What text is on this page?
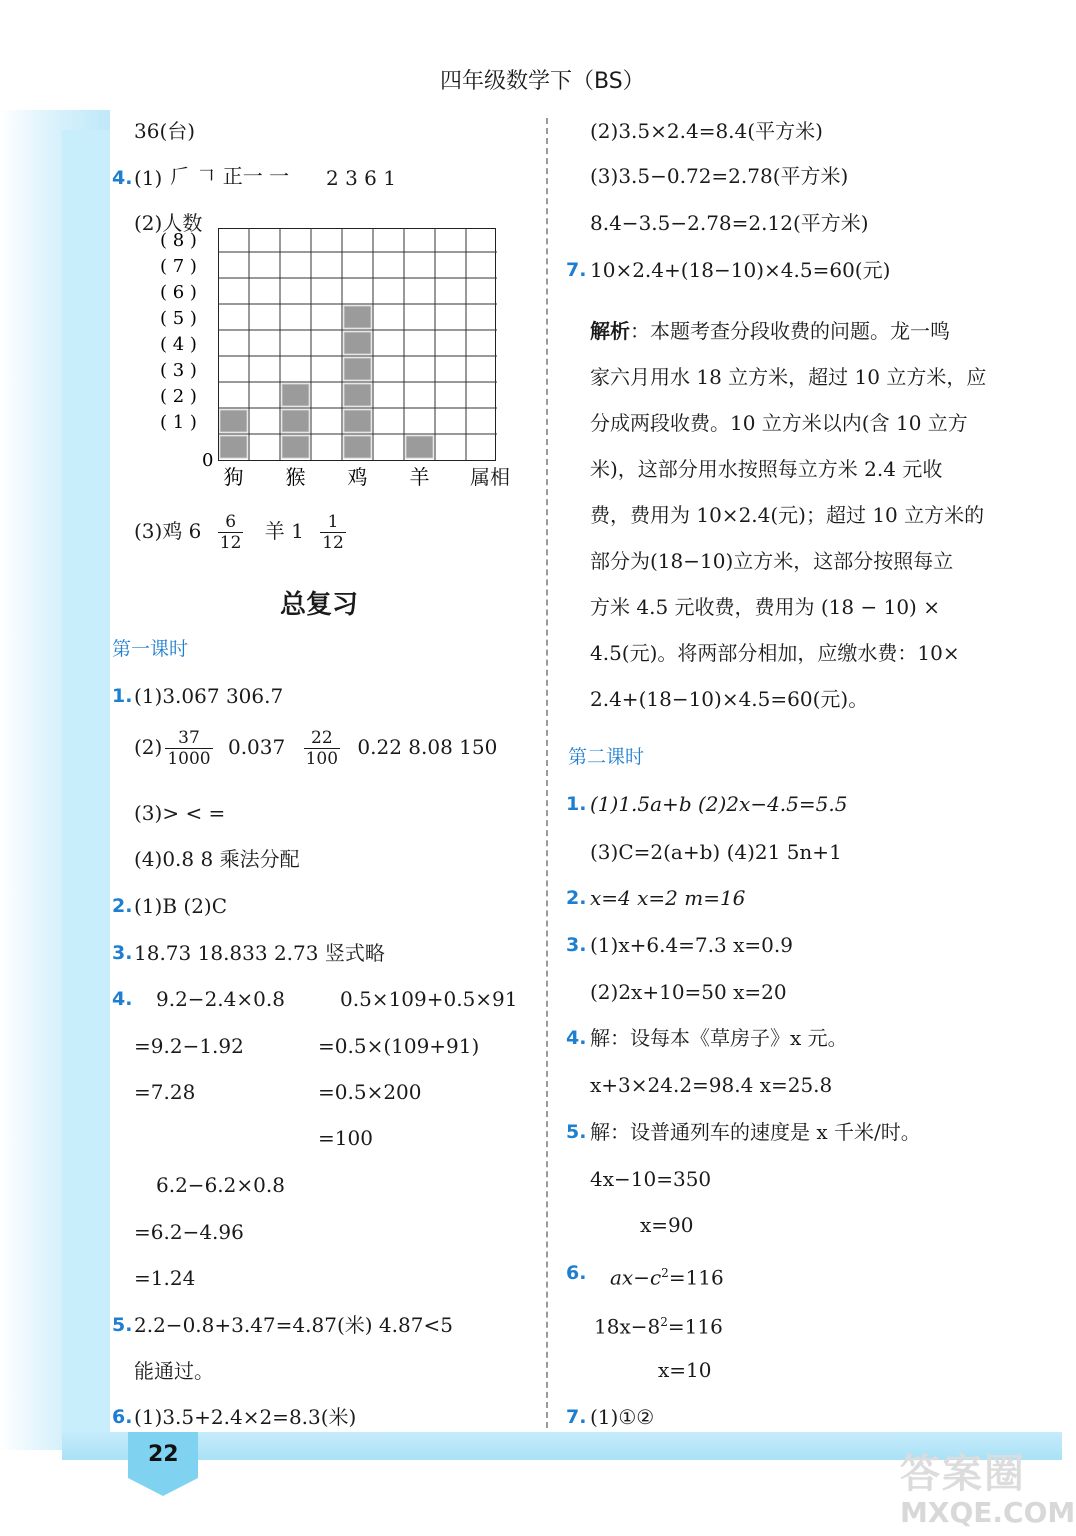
22	答案圈
MXQE.COM
四年级数学下（BS）
36(台)
4. (1) 𠂆 𠃍 正一 一 2 3 6 1
(2)人数
( 8 )
( 7 )
( 6 )
( 5 )
( 4 )
( 3 )
( 2 )
( 1 )
0
狗 猴 鸡 羊 属相
(3)鸡 $6 \frac{6}{12}$ 羊 $1 \frac{1}{12}$
总复习
第一课时
1. (1)3.067 306.7
$(2) \frac{37}{1000} 0.037 \frac{22}{100} 0.22$ 8.08 150
(3)> < =
(4)0.8 8 乘法分配
2. (1)B (2)C
3. 18.73 18.833 2.73 竖式略
4. 9.2−2.4×0.8
=9.2−1.92
=7.28
0.5×109+0.5×91
=0.5×(109+91)
=0.5×200
=100
6.2−6.2×0.8
=6.2−4.96
=1.24
5. 2.2−0.8+3.47=4.87(米) 4.87<5
能通过。
6. (1)3.5+2.4×2=8.3(米)
(2)3.5×2.4=8.4(平方米)
(3)3.5−0.72=2.78(平方米)
8.4−3.5−2.78=2.12(平方米)
7. 10×2.4+(18−10)×4.5=60(元)
解析：本题考查分段收费的问题。龙一鸣
家六月用水 18 立方米，超过 10 立方米，应
分成两段收费。10 立方米以内(含 10 立方
米)，这部分用水按照每立方米 2.4 元收
费，费用为 10×2.4(元)；超过 10 立方米的
部分为(18−10)立方米，这部分按照每立
方米 4.5 元收费，费用为 (18 − 10) ×
4.5(元)。将两部分相加，应缴水费：10×
2.4+(18−10)×4.5=60(元)。
第二课时
1. (1)1.5a+b (2)2x−4.5=5.5
(3)C=2(a+b) (4)21 5n+1
2. x=4 x=2 m=16
3. (1)x+6.4=7.3 x=0.9
(2)2x+10=50 x=20
4. 解：设每本《草房子》x 元。
x+3×24.2=98.4 x=25.8
5. 解：设普通列车的速度是 x 千米/时。
4x−10=350
x=90
6. $ax-c^2=116$
$18x-8^2=116$
x=10
7. (1)①②
